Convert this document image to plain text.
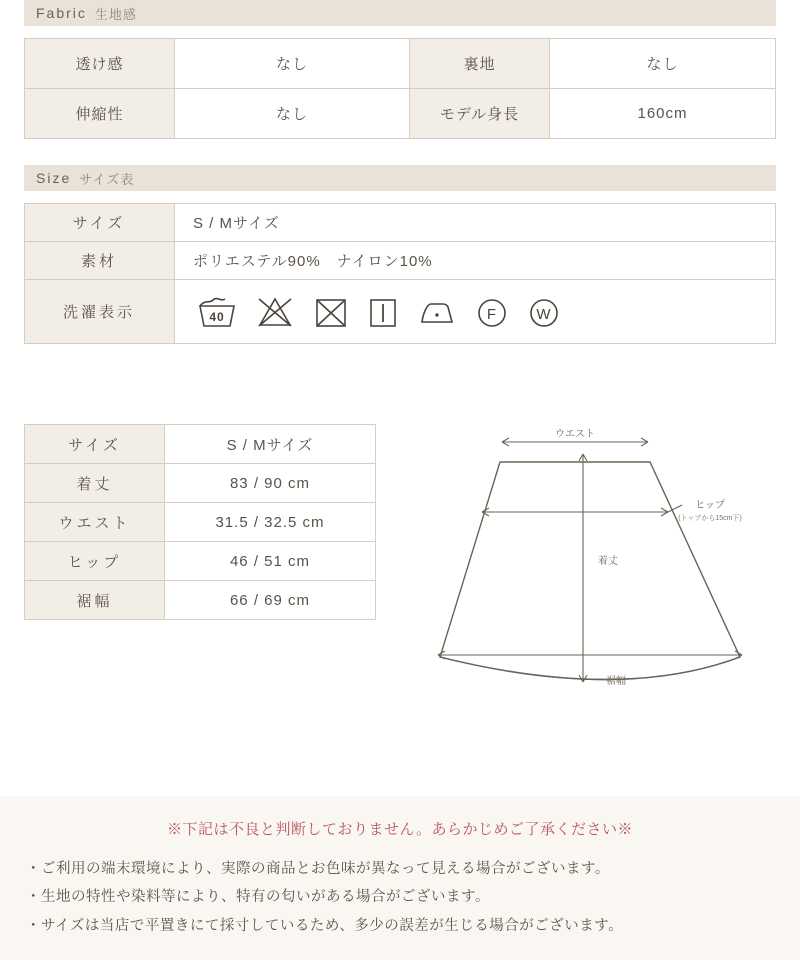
Fabric 生地感
透け感	なし	裏地	なし
伸縮性	なし	モデル身長	160cm
Size サイズ表
サイズ	S / Mサイズ
素材	ポリエステル90%　ナイロン10%
洗濯表示	40 F W
サイズ	S / Mサイズ
着丈	83 / 90 cm
ウエスト	31.5 / 32.5 cm
ヒップ	46 / 51 cm
裾幅	66 / 69 cm
ウエスト
ヒップ
(トップから15cm下)
着丈
裾幅
※下記は不良と判断しておりません。あらかじめご了承ください※
・ご利用の端末環境により、実際の商品とお色味が異なって見える場合がございます。
・生地の特性や染料等により、特有の匂いがある場合がございます。
・サイズは当店で平置きにて採寸しているため、多少の誤差が生じる場合がございます。
